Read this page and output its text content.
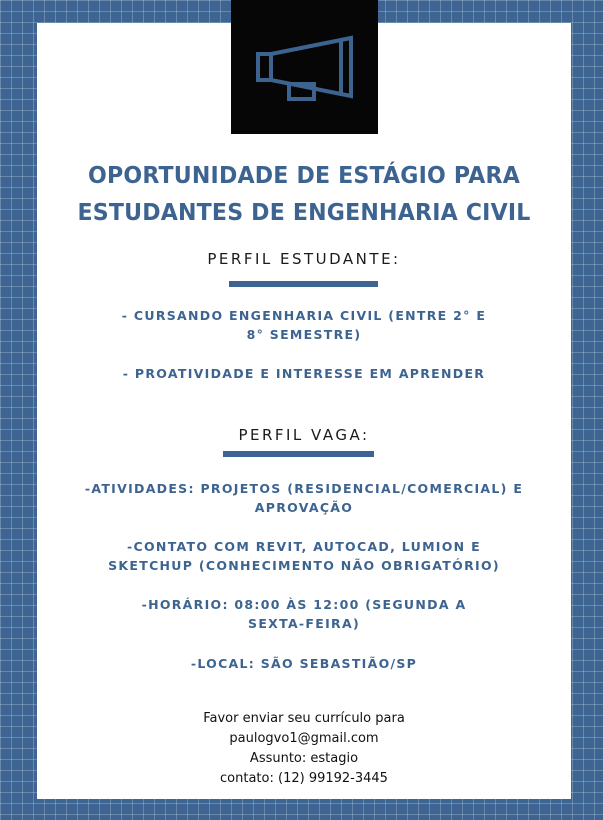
OPORTUNIDADE DE ESTÁGIO PARA
ESTUDANTES DE ENGENHARIA CIVIL
PERFIL ESTUDANTE:
- CURSANDO ENGENHARIA CIVIL (ENTRE 2° E
8° SEMESTRE)
- PROATIVIDADE E INTERESSE EM APRENDER
PERFIL VAGA:
-ATIVIDADES: PROJETOS (RESIDENCIAL/COMERCIAL) E
APROVAÇÃO
-CONTATO COM REVIT, AUTOCAD, LUMION E
SKETCHUP (CONHECIMENTO NÃO OBRIGATÓRIO)
-HORÁRIO: 08:00 ÀS 12:00 (SEGUNDA A
SEXTA-FEIRA)
-LOCAL: SÃO SEBASTIÃO/SP
Favor enviar seu currículo para
paulogvo1@gmail.com
Assunto: estagio
contato: (12) 99192-3445
